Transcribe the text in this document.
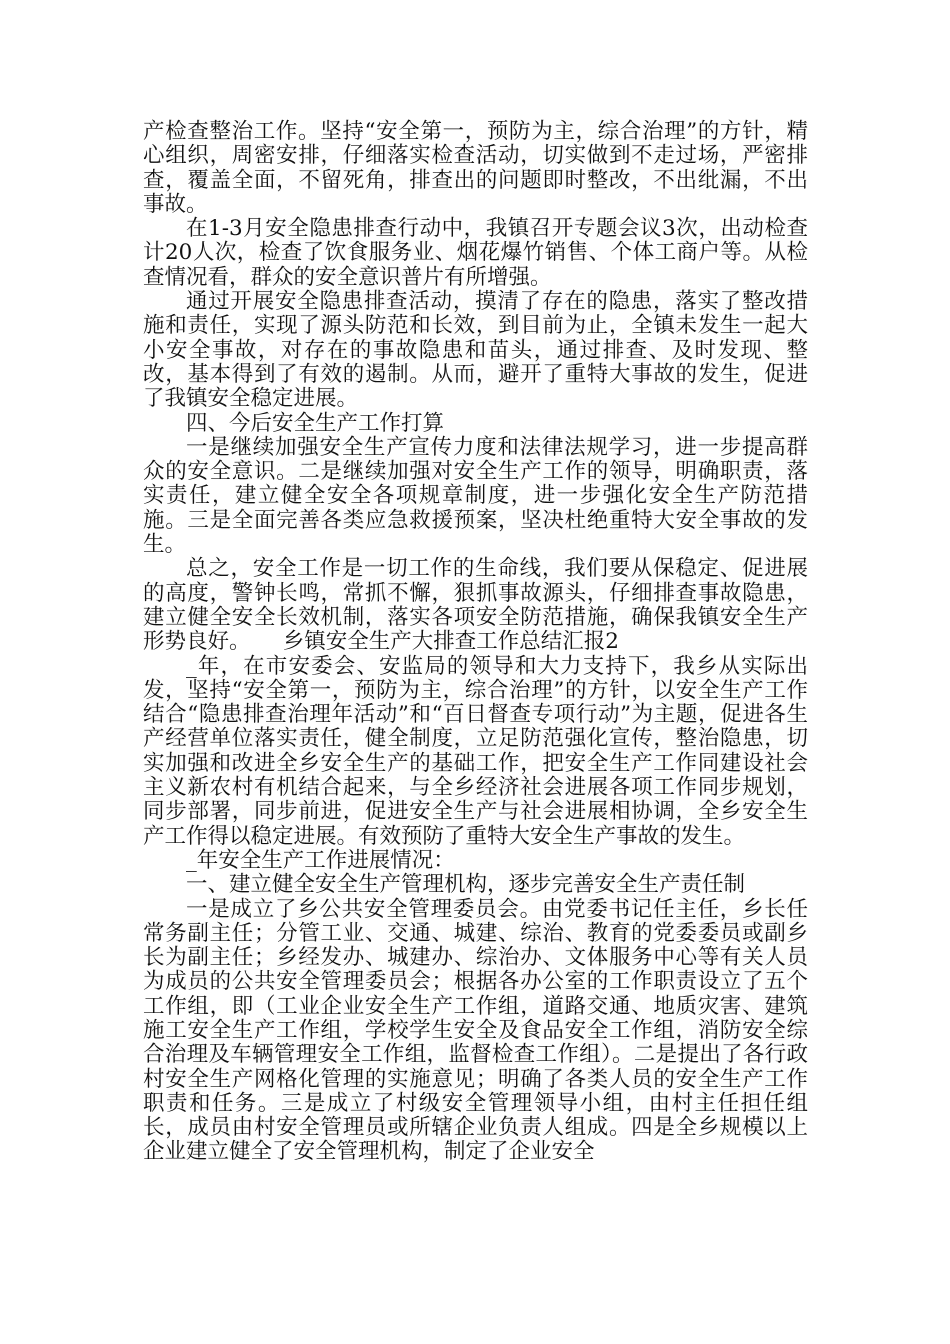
产检查整治工作。坚持“安全第一，预防为主，综合治理”的方针，精心组织，周密安排，仔细落实检查活动，切实做到不走过场，严密排查，覆盖全面，不留死角，排查出的问题即时整改，不出纰漏，不出事故。

在1-3月安全隐患排查行动中，我镇召开专题会议3次，出动检查计20人次，检查了饮食服务业、烟花爆竹销售、个体工商户等。从检查情况看，群众的安全意识普片有所增强。

通过开展安全隐患排查活动，摸清了存在的隐患，落实了整改措施和责任，实现了源头防范和长效，到目前为止，全镇未发生一起大小安全事故，对存在的事故隐患和苗头，通过排查、及时发现、整改，基本得到了有效的遏制。从而，避开了重特大事故的发生，促进了我镇安全稳定进展。

四、今后安全生产工作打算

一是继续加强安全生产宣传力度和法律法规学习，进一步提高群众的安全意识。二是继续加强对安全生产工作的领导，明确职责，落实责任，建立健全安全各项规章制度，进一步强化安全生产防范措施。三是全面完善各类应急救援预案，坚决杜绝重特大安全事故的发生。

总之，安全工作是一切工作的生命线，我们要从保稳定、促进展的高度，警钟长鸣，常抓不懈，狠抓事故源头，仔细排查事故隐患，建立健全安全长效机制，落实各项安全防范措施，确保我镇安全生产形势良好。 乡镇安全生产大排查工作总结汇报2

_年，在市安委会、安监局的领导和大力支持下，我乡从实际出发，坚持“安全第一，预防为主，综合治理”的方针，以安全生产工作结合“隐患排查治理年活动”和“百日督查专项行动”为主题，促进各生产经营单位落实责任，健全制度，立足防范强化宣传，整治隐患，切实加强和改进全乡安全生产的基础工作，把安全生产工作同建设社会主义新农村有机结合起来，与全乡经济社会进展各项工作同步规划，同步部署，同步前进，促进安全生产与社会进展相协调，全乡安全生产工作得以稳定进展。有效预防了重特大安全生产事故的发生。

_年安全生产工作进展情况：

一、建立健全安全生产管理机构，逐步完善安全生产责任制

一是成立了乡公共安全管理委员会。由党委书记任主任，乡长任常务副主任；分管工业、交通、城建、综治、教育的党委委员或副乡长为副主任；乡经发办、城建办、综治办、文体服务中心等有关人员为成员的公共安全管理委员会；根据各办公室的工作职责设立了五个工作组，即（工业企业安全生产工作组，道路交通、地质灾害、建筑施工安全生产工作组，学校学生安全及食品安全工作组，消防安全综合治理及车辆管理安全工作组，监督检查工作组）。二是提出了各行政村安全生产网格化管理的实施意见；明确了各类人员的安全生产工作职责和任务。三是成立了村级安全管理领导小组，由村主任担任组长，成员由村安全管理员或所辖企业负责人组成。四是全乡规模以上企业建立健全了安全管理机构，制定了企业安全
